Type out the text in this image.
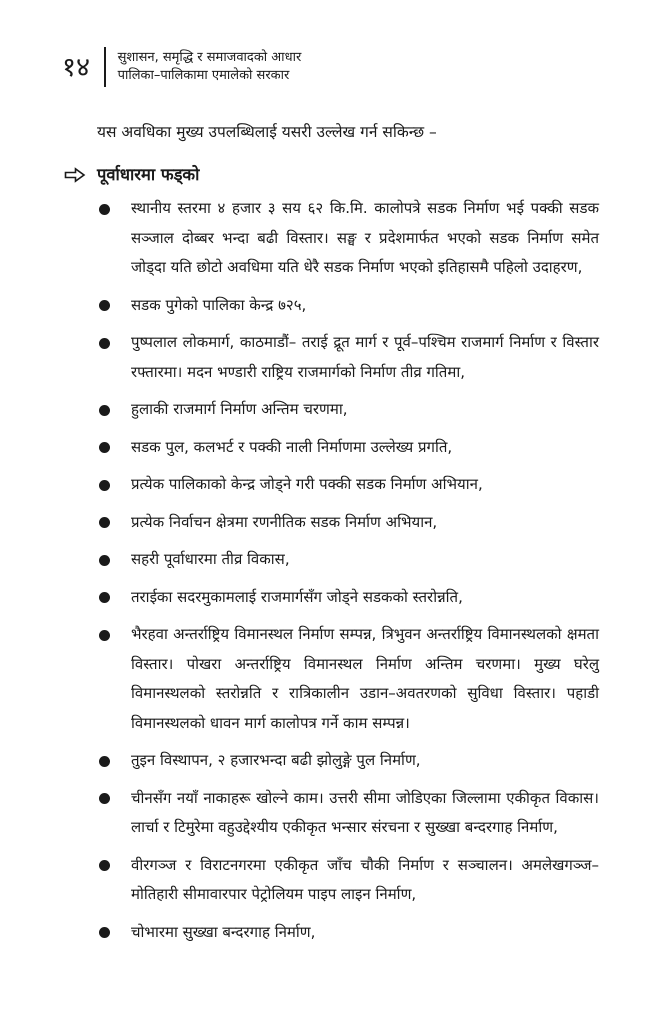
१४ सुशासन, समृद्धि र समाजवादको आधार
पालिका–पालिकामा एमालेको सरकार
यस अवधिका मुख्य उपलब्धिलाई यसरी उल्लेख गर्न सकिन्छ –
पूर्वाधारमा फड्को
स्थानीय स्तरमा ४ हजार ३ सय ६२ कि.मि. कालोपत्रे सडक निर्माण भई पक्की सडक सञ्जाल दोब्बर भन्दा बढी विस्तार। सङ्घ र प्रदेशमार्फत भएको सडक निर्माण समेत जोड्दा यति छोटो अवधिमा यति धेरै सडक निर्माण भएको इतिहासमै पहिलो उदाहरण,
सडक पुगेको पालिका केन्द्र ७२५,
पुष्पलाल लोकमार्ग, काठमाडौं– तराई द्रूत मार्ग र पूर्व–पश्चिम राजमार्ग निर्माण र विस्तार रफ्तारमा। मदन भण्डारी राष्ट्रिय राजमार्गको निर्माण तीव्र गतिमा,
हुलाकी राजमार्ग निर्माण अन्तिम चरणमा,
सडक पुल, कलभर्ट र पक्की नाली निर्माणमा उल्लेख्य प्रगति,
प्रत्येक पालिकाको केन्द्र जोड्ने गरी पक्की सडक निर्माण अभियान,
प्रत्येक निर्वाचन क्षेत्रमा रणनीतिक सडक निर्माण अभियान,
सहरी पूर्वाधारमा तीव्र विकास,
तराईका सदरमुकामलाई राजमार्गसँग जोड्ने सडकको स्तरोन्नति,
भैरहवा अन्तर्राष्ट्रिय विमानस्थल निर्माण सम्पन्न, त्रिभुवन अन्तर्राष्ट्रिय विमानस्थलको क्षमता विस्तार। पोखरा अन्तर्राष्ट्रिय विमानस्थल निर्माण अन्तिम चरणमा। मुख्य घरेलु विमानस्थलको स्तरोन्नति र रात्रिकालीन उडान–अवतरणको सुविधा विस्तार। पहाडी विमानस्थलको धावन मार्ग कालोपत्र गर्ने काम सम्पन्न।
तुइन विस्थापन, २ हजारभन्दा बढी झोलुङ्गे पुल निर्माण,
चीनसँग नयाँ नाकाहरू खोल्ने काम। उत्तरी सीमा जोडिएका जिल्लामा एकीकृत विकास। लार्चा र टिमुरेमा वहुउद्देश्यीय एकीकृत भन्सार संरचना र सुख्खा बन्दरगाह निर्माण,
वीरगञ्ज र विराटनगरमा एकीकृत जाँच चौकी निर्माण र सञ्चालन। अमलेखगञ्ज–मोतिहारी सीमावारपार पेट्रोलियम पाइप लाइन निर्माण,
चोभारमा सुख्खा बन्दरगाह निर्माण,
